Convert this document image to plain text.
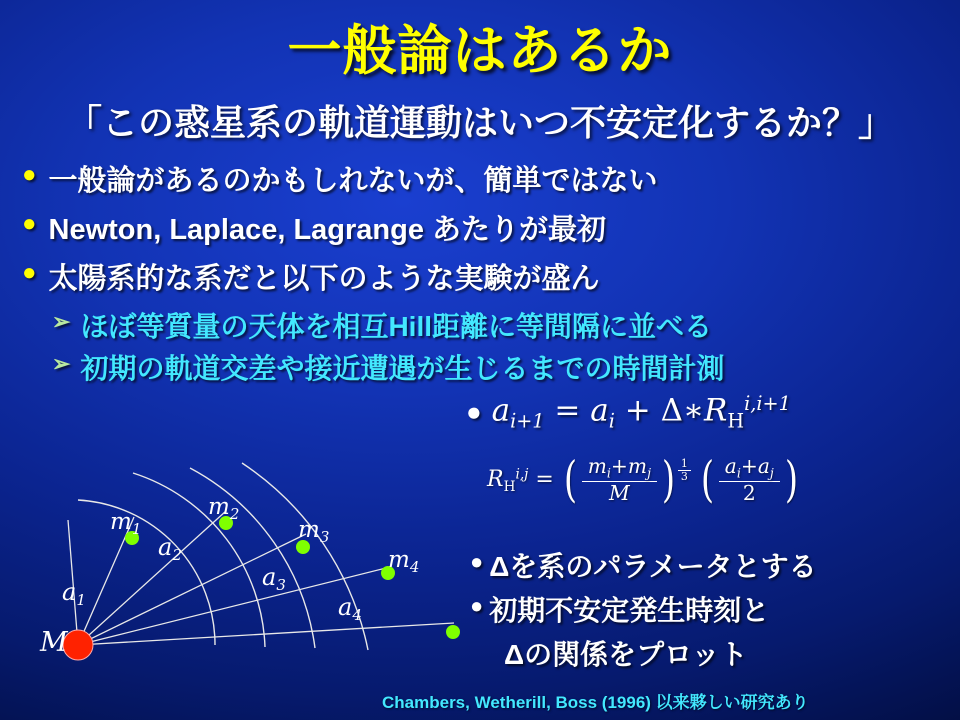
一般論はあるか
「この惑星系の軌道運動はいつ不安定化するか？」
● 一般論があるのかもしれないが、簡単ではない
● Newton, Laplace, Lagrange あたりが最初
● 太陽系的な系だと以下のような実験が盛ん
➢ ほぼ等質量の天体を相互Hill距離に等間隔に並べる
➢ 初期の軌道交差や接近遭遇が生じるまでの時間計測
M
$m_1$
$m_2$
$m_3$
$m_4$
$a_1$
$a_2$
$a_3$
$a_4$
● $a_{i+1} = a_i$ + $\Delta∗R_H^{i,i+1}$
$R_H^{i,j}$ = ( $\frac{m_i+m_j}{M}$ ) $\frac{1}{3}$ ( $\frac{a_i+a_j}{2}$ )
● Δを系のパラメータとする
● 初期不安定発生時刻と
Δの関係をプロット
Chambers, Wetherill, Boss (1996) 以来夥しい研究あり
